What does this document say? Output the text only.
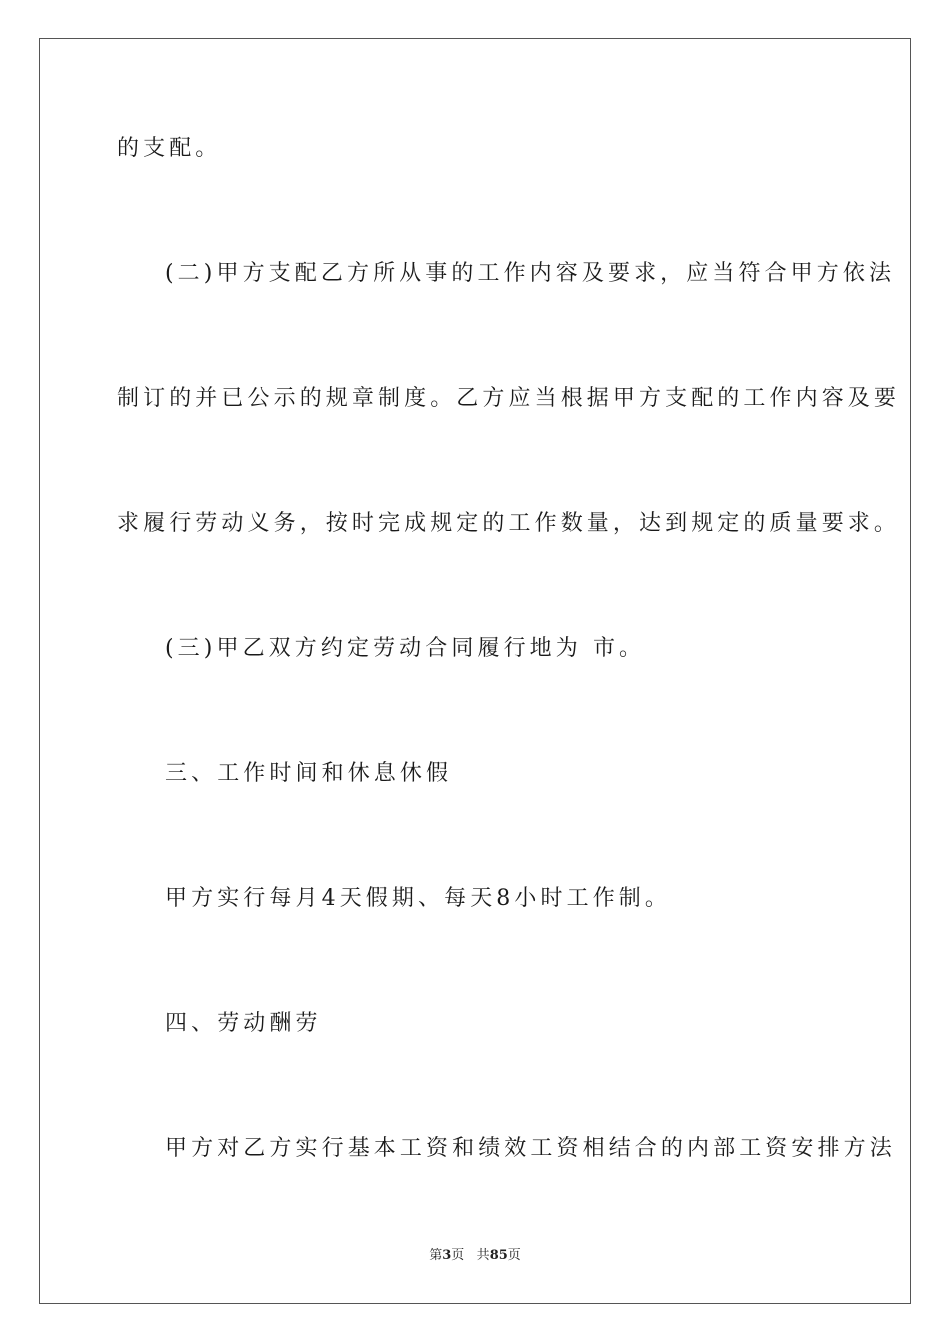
的支配。
(二)甲方支配乙方所从事的工作内容及要求，应当符合甲方依法
制订的并已公示的规章制度。乙方应当根据甲方支配的工作内容及要
求履行劳动义务，按时完成规定的工作数量，达到规定的质量要求。
(三)甲乙双方约定劳动合同履行地为 市。
三、工作时间和休息休假
甲方实行每月4天假期、每天8小时工作制。
四、劳动酬劳
甲方对乙方实行基本工资和绩效工资相结合的内部工资安排方法
第3页 共85页
